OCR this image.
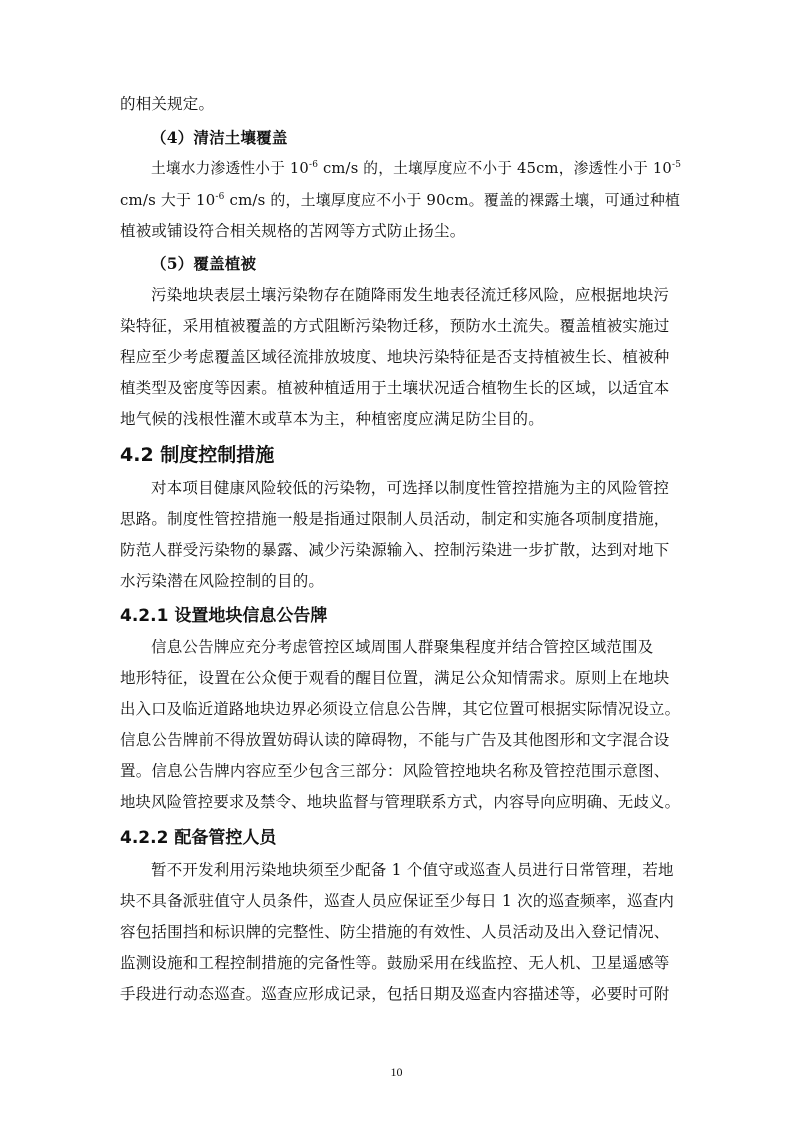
的相关规定。
（4）清洁土壤覆盖
土壤水力渗透性小于 $10^{-6}$ cm/s 的，土壤厚度应不小于 45cm，渗透性小于 $10^{-5}$
cm/s 大于 $10^{-6}$ cm/s 的，土壤厚度应不小于 90cm。覆盖的裸露土壤，可通过种植
植被或铺设符合相关规格的苫网等方式防止扬尘。
（5）覆盖植被
污染地块表层土壤污染物存在随降雨发生地表径流迁移风险，应根据地块污
染特征，采用植被覆盖的方式阻断污染物迁移，预防水土流失。覆盖植被实施过
程应至少考虑覆盖区域径流排放坡度、地块污染特征是否支持植被生长、植被种
植类型及密度等因素。植被种植适用于土壤状况适合植物生长的区域，以适宜本
地气候的浅根性灌木或草本为主，种植密度应满足防尘目的。
4.2 制度控制措施
对本项目健康风险较低的污染物，可选择以制度性管控措施为主的风险管控
思路。制度性管控措施一般是指通过限制人员活动，制定和实施各项制度措施，
防范人群受污染物的暴露、减少污染源输入、控制污染进一步扩散，达到对地下
水污染潜在风险控制的目的。
4.2.1 设置地块信息公告牌
信息公告牌应充分考虑管控区域周围人群聚集程度并结合管控区域范围及
地形特征，设置在公众便于观看的醒目位置，满足公众知情需求。原则上在地块
出入口及临近道路地块边界必须设立信息公告牌，其它位置可根据实际情况设立。
信息公告牌前不得放置妨碍认读的障碍物，不能与广告及其他图形和文字混合设
置。信息公告牌内容应至少包含三部分：风险管控地块名称及管控范围示意图、
地块风险管控要求及禁令、地块监督与管理联系方式，内容导向应明确、无歧义。
4.2.2 配备管控人员
暂不开发利用污染地块须至少配备 1 个值守或巡查人员进行日常管理，若地
块不具备派驻值守人员条件，巡查人员应保证至少每日 1 次的巡查频率，巡查内
容包括围挡和标识牌的完整性、防尘措施的有效性、人员活动及出入登记情况、
监测设施和工程控制措施的完备性等。鼓励采用在线监控、无人机、卫星遥感等
手段进行动态巡查。巡查应形成记录，包括日期及巡查内容描述等，必要时可附
10
